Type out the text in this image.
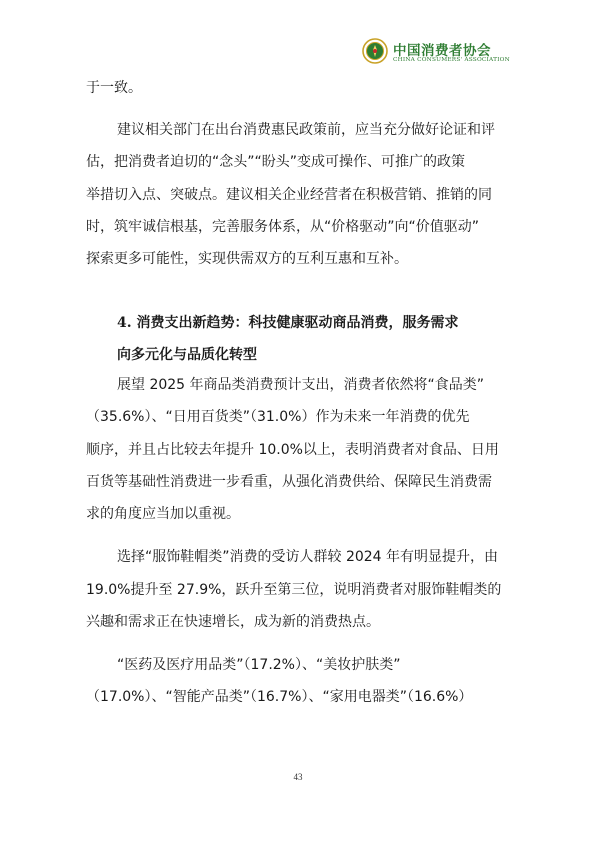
中国消费者协会
CHINA CONSUMERS' ASSOCIATION
于一致。
建议相关部门在出台消费惠民政策前，应当充分做好论证和评
估，把消费者迫切的“念头”“盼头”变成可操作、可推广的政策
举措切入点、突破点。建议相关企业经营者在积极营销、推销的同
时，筑牢诚信根基，完善服务体系，从“价格驱动”向“价值驱动”
探索更多可能性，实现供需双方的互利互惠和互补。
4. 消费支出新趋势：科技健康驱动商品消费，服务需求
向多元化与品质化转型
展望 2025 年商品类消费预计支出，消费者依然将“食品类”
（35.6%）、“日用百货类”（31.0%）作为未来一年消费的优先
顺序，并且占比较去年提升 10.0%以上，表明消费者对食品、日用
百货等基础性消费进一步看重，从强化消费供给、保障民生消费需
求的角度应当加以重视。
选择“服饰鞋帽类”消费的受访人群较 2024 年有明显提升，由
19.0%提升至 27.9%，跃升至第三位，说明消费者对服饰鞋帽类的
兴趣和需求正在快速增长，成为新的消费热点。
“医药及医疗用品类”（17.2%）、“美妆护肤类”
（17.0%）、“智能产品类”（16.7%）、“家用电器类”（16.6%）
43
